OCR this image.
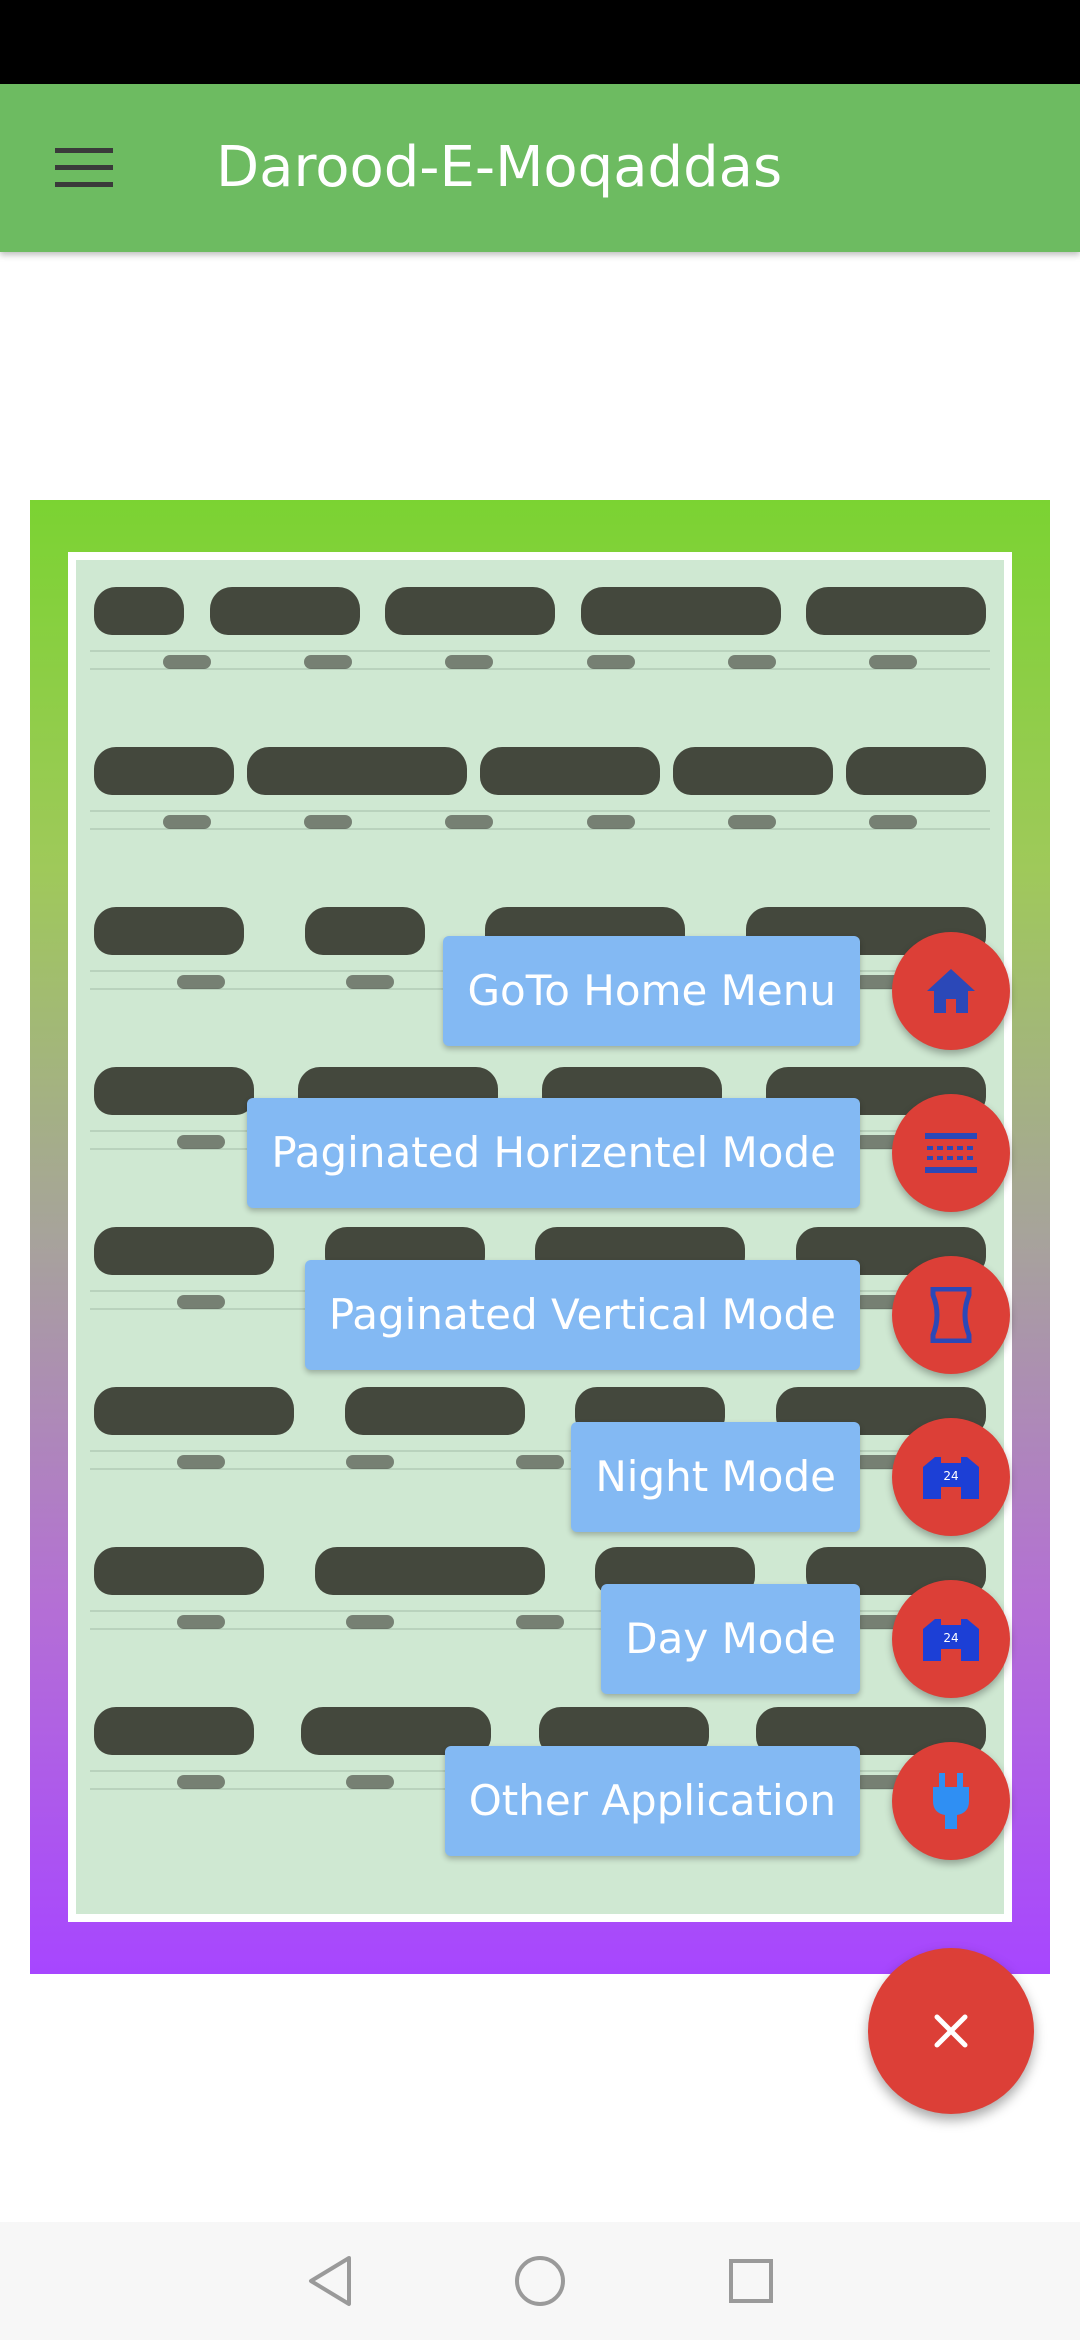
Darood-E-Moqaddas
GoTo Home Menu
Paginated Horizentel Mode
Paginated Vertical Mode
Night Mode	24
Day Mode	24
Other Application
